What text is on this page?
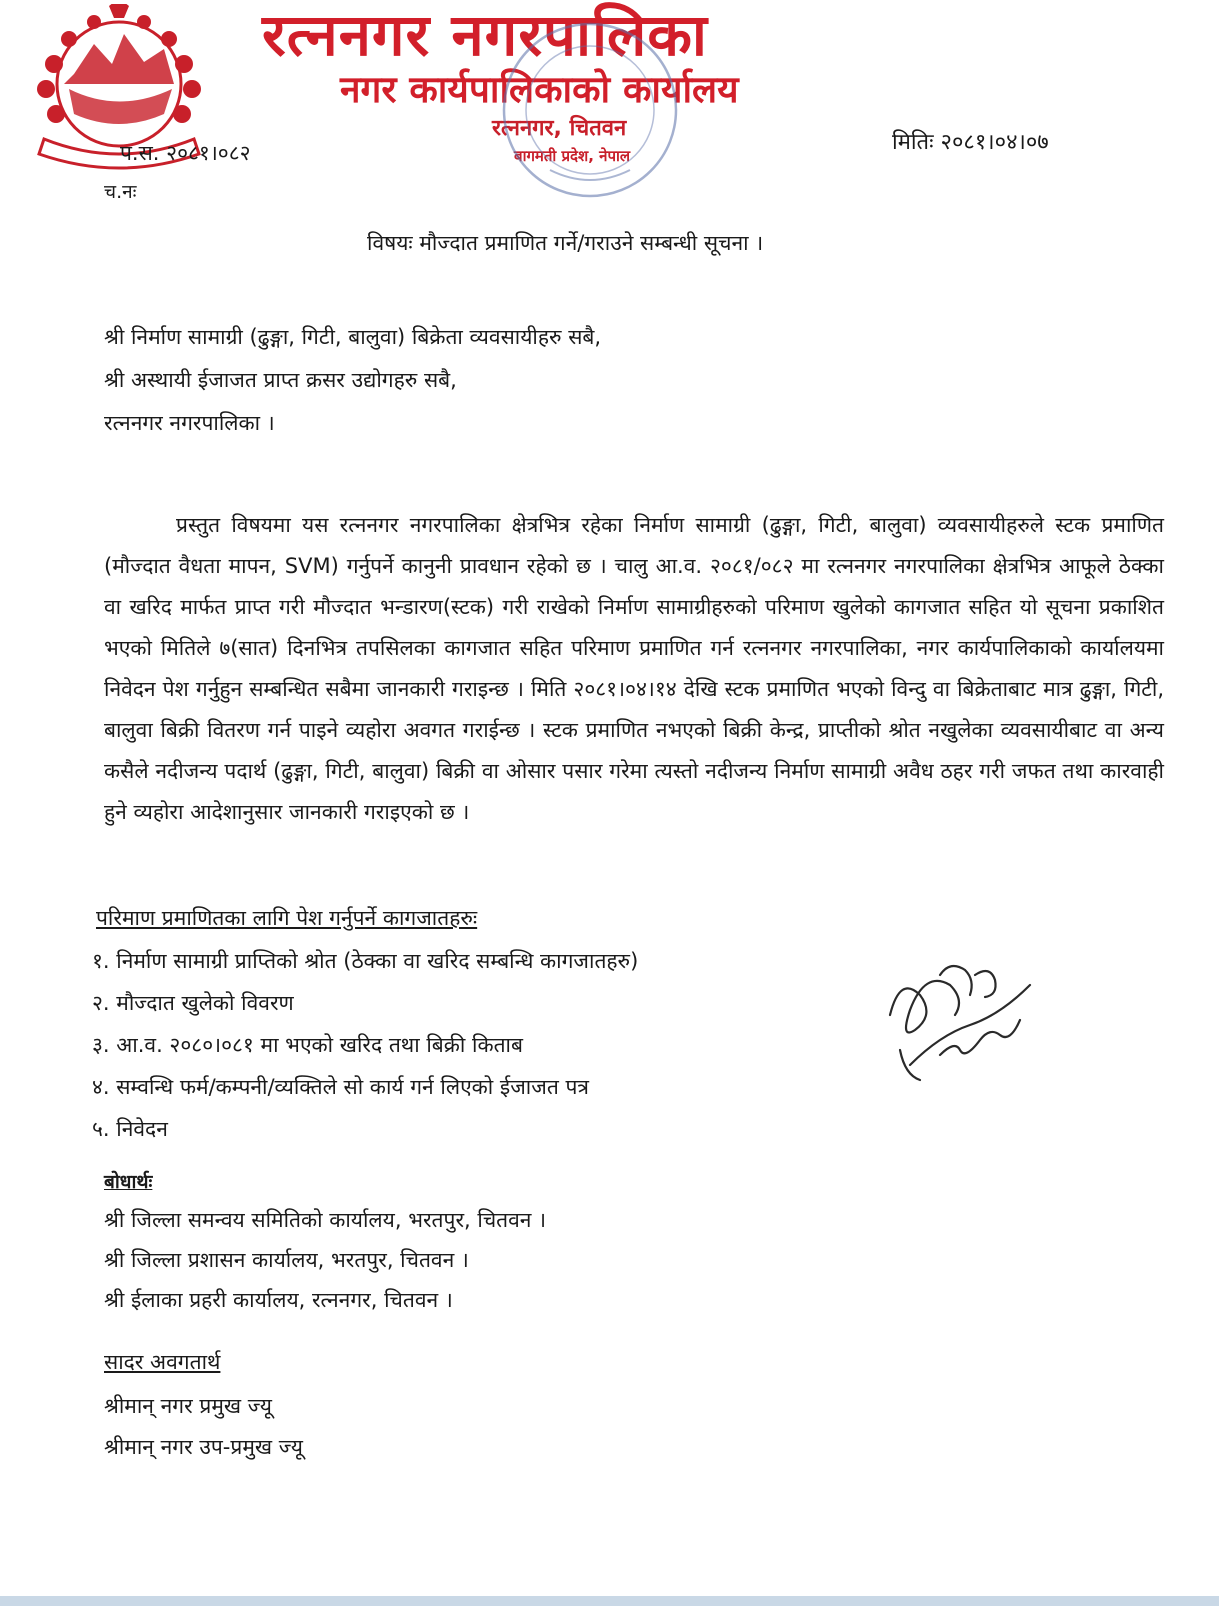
रत्ननगर नगरपालिका
नगर कार्यपालिकाको कार्यालय
रत्ननगर, चितवन
बागमती प्रदेश, नेपाल
प.स. २०८१।०८२
च.नः
मितिः २०८१।०४।०७
विषयः मौज्दात प्रमाणित गर्ने/गराउने सम्बन्धी सूचना ।
श्री निर्माण सामाग्री (ढुङ्गा, गिटी, बालुवा) बिक्रेता व्यवसायीहरु सबै,
श्री अस्थायी ईजाजत प्राप्त क्रसर उद्योगहरु सबै,
रत्ननगर नगरपालिका ।
प्रस्तुत विषयमा यस रत्ननगर नगरपालिका क्षेत्रभित्र रहेका निर्माण सामाग्री (ढुङ्गा, गिटी, बालुवा) व्यवसायीहरुले स्टक प्रमाणित (मौज्दात वैधता मापन, SVM) गर्नुपर्ने कानुनी प्रावधान रहेको छ । चालु आ.व. २०८१/०८२ मा रत्ननगर नगरपालिका क्षेत्रभित्र आफूले ठेक्का वा खरिद मार्फत प्राप्त गरी मौज्दात भन्डारण(स्टक) गरी राखेको निर्माण सामाग्रीहरुको परिमाण खुलेको कागजात सहित यो सूचना प्रकाशित भएको मितिले ७(सात) दिनभित्र तपसिलका कागजात सहित परिमाण प्रमाणित गर्न रत्ननगर नगरपालिका, नगर कार्यपालिकाको कार्यालयमा निवेदन पेश गर्नुहुन सम्बन्धित सबैमा जानकारी गराइन्छ । मिति २०८१।०४।१४ देखि स्टक प्रमाणित भएको विन्दु वा बिक्रेताबाट मात्र ढुङ्गा, गिटी, बालुवा बिक्री वितरण गर्न पाइने व्यहोरा अवगत गराईन्छ । स्टक प्रमाणित नभएको बिक्री केन्द्र, प्राप्तीको श्रोत नखुलेका व्यवसायीबाट वा अन्य कसैले नदीजन्य पदार्थ (ढुङ्गा, गिटी, बालुवा) बिक्री वा ओसार पसार गरेमा त्यस्तो नदीजन्य निर्माण सामाग्री अवैध ठहर गरी जफत तथा कारवाही हुने व्यहोरा आदेशानुसार जानकारी गराइएको छ ।
परिमाण प्रमाणितका लागि पेश गर्नुपर्ने कागजातहरुः
१. निर्माण सामाग्री प्राप्तिको श्रोत (ठेक्का वा खरिद सम्बन्धि कागजातहरु)
२. मौज्दात खुलेको विवरण
३. आ.व. २०८०।०८१ मा भएको खरिद तथा बिक्री किताब
४. सम्वन्धि फर्म/कम्पनी/व्यक्तिले सो कार्य गर्न लिएको ईजाजत पत्र
५. निवेदन
बोधार्थः
श्री जिल्ला समन्वय समितिको कार्यालय, भरतपुर, चितवन ।
श्री जिल्ला प्रशासन कार्यालय, भरतपुर, चितवन ।
श्री ईलाका प्रहरी कार्यालय, रत्ननगर, चितवन ।
सादर अवगतार्थ
श्रीमान् नगर प्रमुख ज्यू
श्रीमान् नगर उप-प्रमुख ज्यू
